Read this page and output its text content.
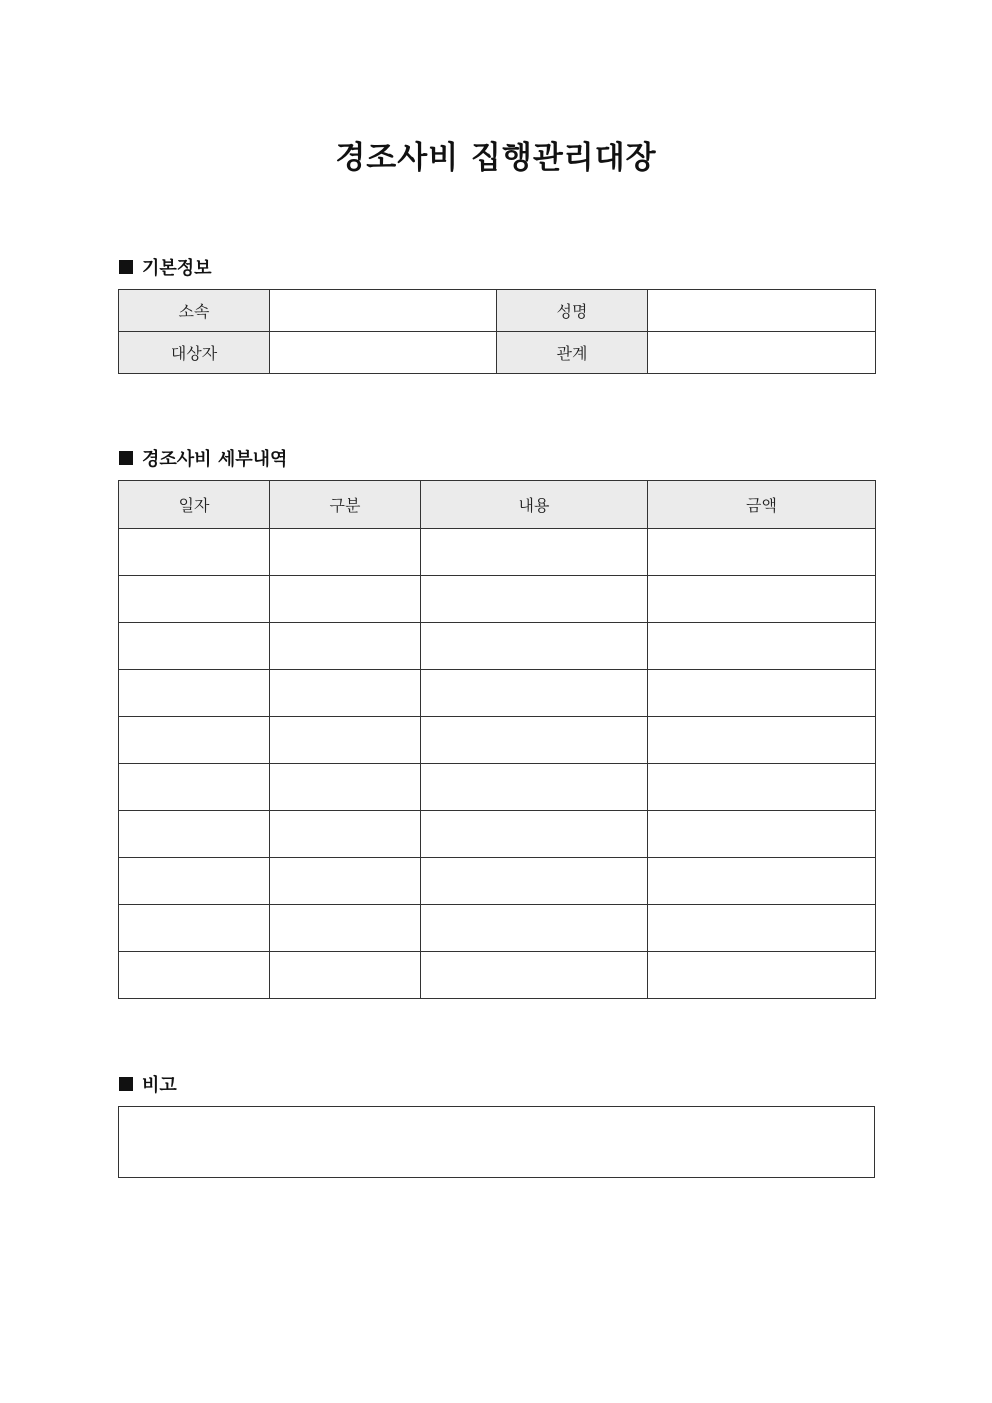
경조사비 집행관리대장
기본정보
소속		성명	
대상자		관계	
경조사비 세부내역
일자	구분	내용	금액

비고
